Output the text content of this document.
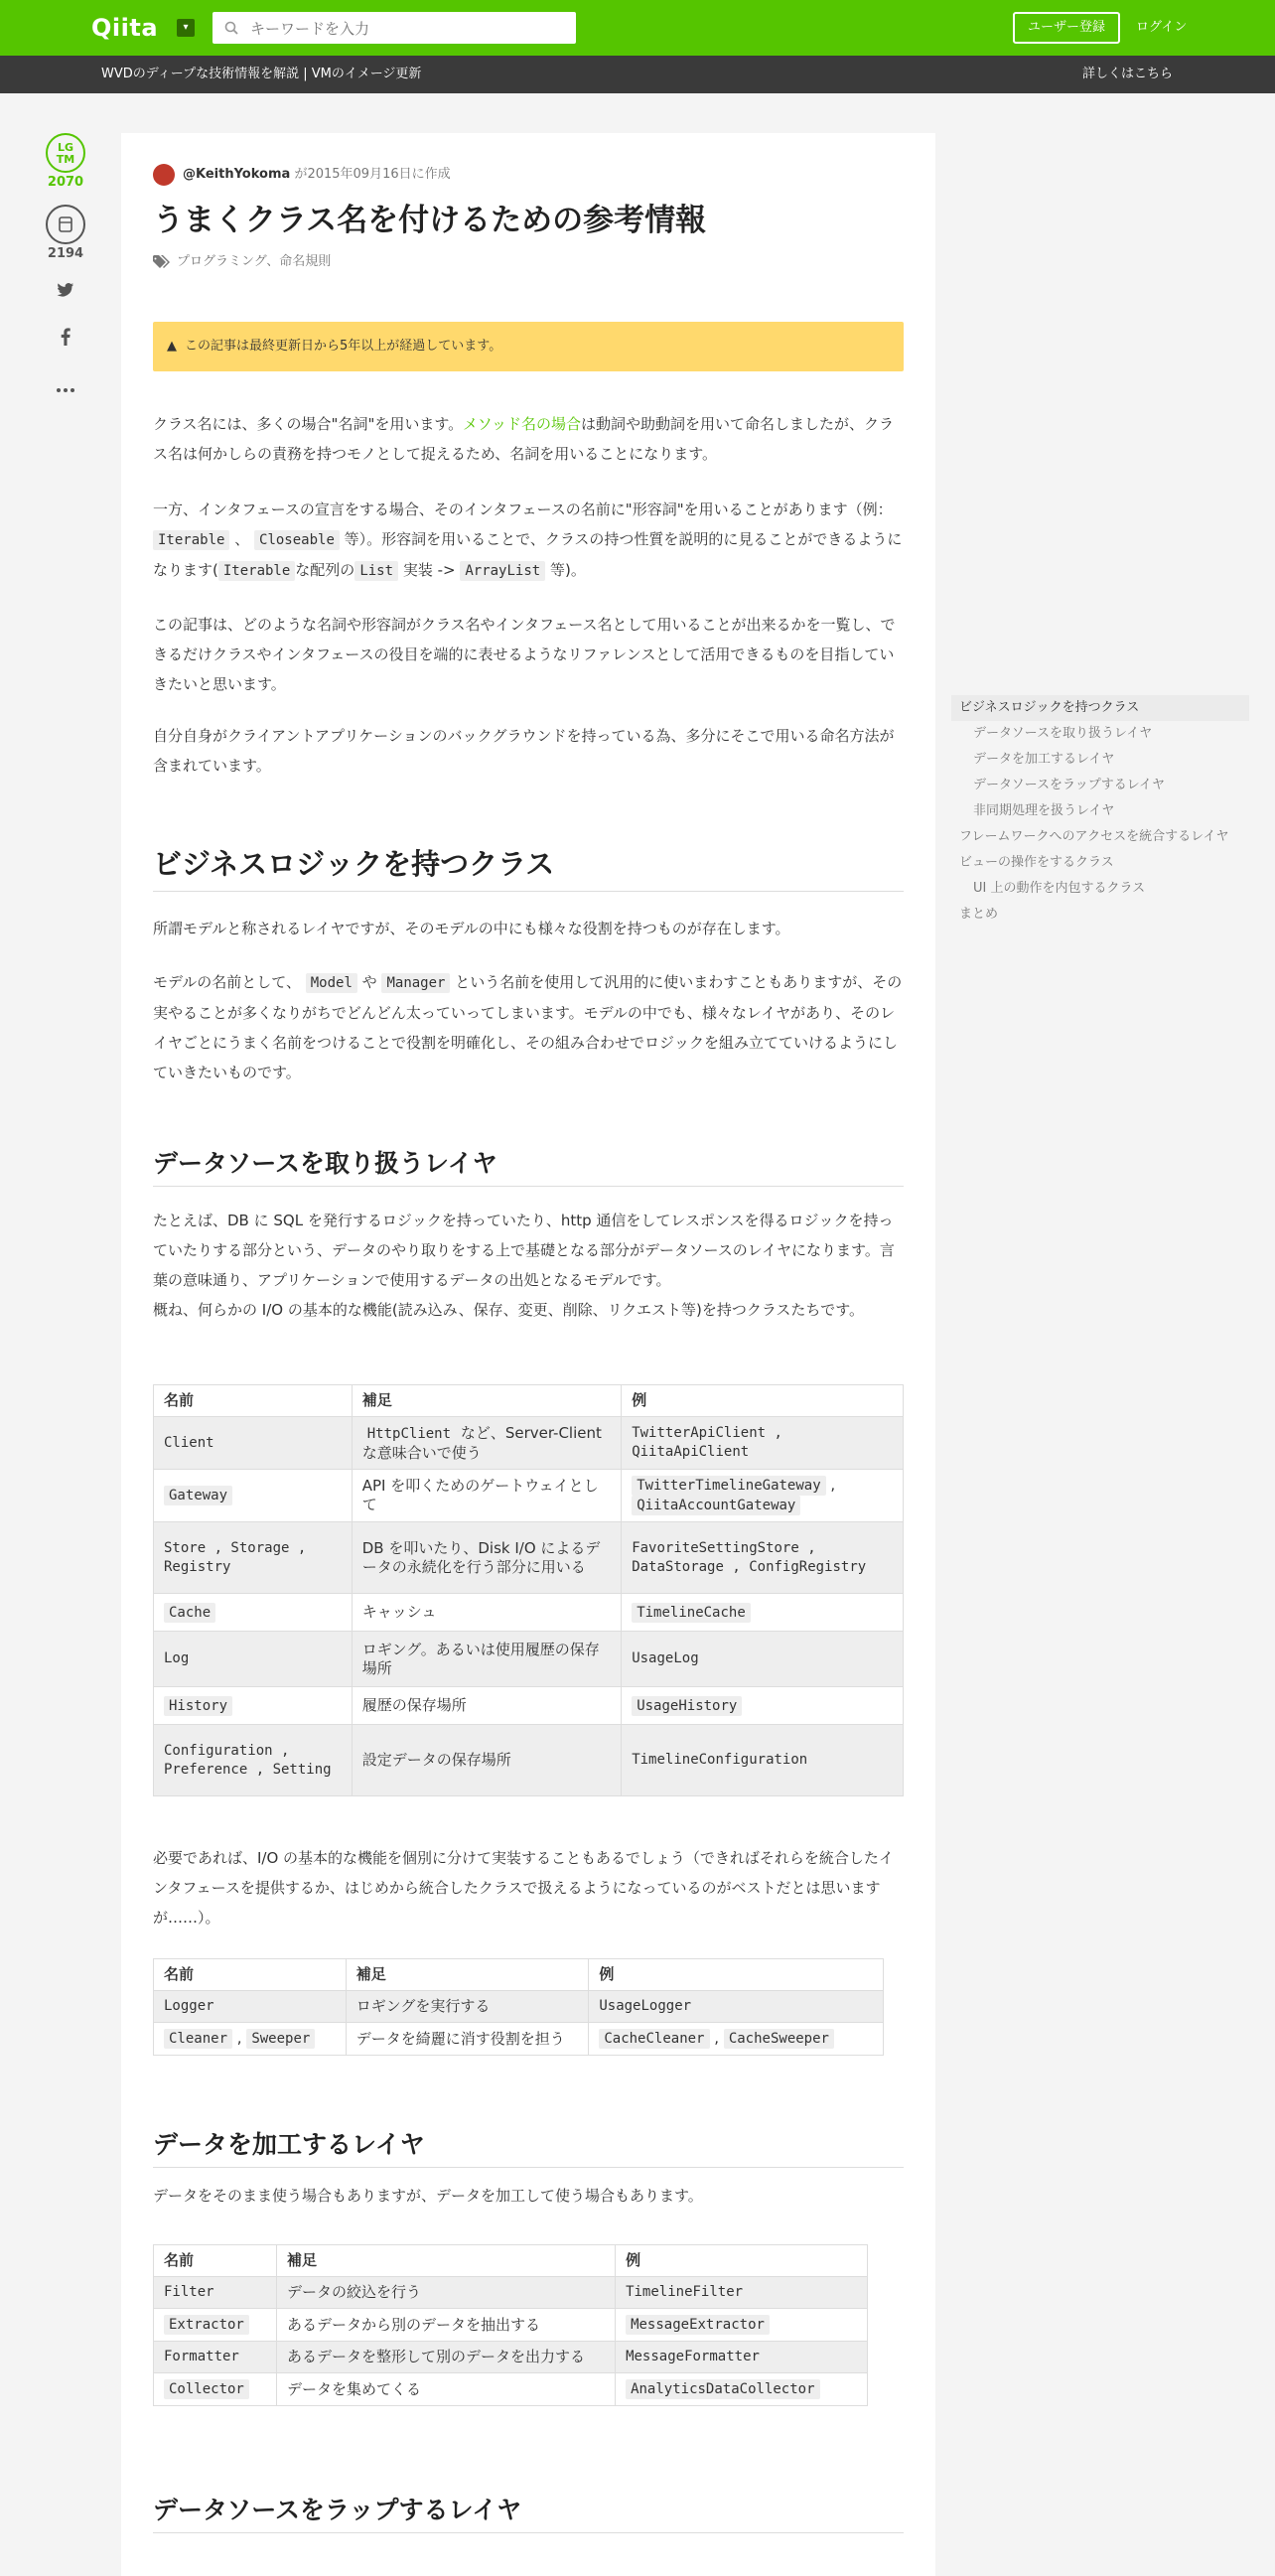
Qiita	▾
キーワードを入力	ユーザー登録	ログイン
WVDのディープな技術情報を解説 | VMのイメージ更新	詳しくはこちら
LG
TM
2070
2194
@KeithYokoma が2015年09月16日に作成
うまくクラス名を付けるための参考情報
プログラミング、命名規則
▲ この記事は最終更新日から5年以上が経過しています。

クラス名には、多くの場合"名詞"を用います。メソッド名の場合は動詞や助動詞を用いて命名しましたが、クラス名は何かしらの責務を持つモノとして捉えるため、名詞を用いることになります。

一方、インタフェースの宣言をする場合、そのインタフェースの名前に"形容詞"を用いることがあります（例： Iterable 、 Closeable 等）。形容詞を用いることで、クラスの持つ性質を説明的に見ることができるようになります( Iterable な配列の List 実装 -> ArrayList 等)。

この記事は、どのような名詞や形容詞がクラス名やインタフェース名として用いることが出来るかを一覧し、できるだけクラスやインタフェースの役目を端的に表せるようなリファレンスとして活用できるものを目指していきたいと思います。

自分自身がクライアントアプリケーションのバックグラウンドを持っている為、多分にそこで用いる命名方法が含まれています。

ビジネスロジックを持つクラス

所謂モデルと称されるレイヤですが、そのモデルの中にも様々な役割を持つものが存在します。

モデルの名前として、 Model や Manager という名前を使用して汎用的に使いまわすこともありますが、その実やることが多くなりがちでどんどん太っていってしまいます。モデルの中でも、様々なレイヤがあり、そのレイヤごとにうまく名前をつけることで役割を明確化し、その組み合わせでロジックを組み立てていけるようにしていきたいものです。

データソースを取り扱うレイヤ

たとえば、DB に SQL を発行するロジックを持っていたり、http 通信をしてレスポンスを得るロジックを持っていたりする部分という、データのやり取りをする上で基礎となる部分がデータソースのレイヤになります。言葉の意味通り、アプリケーションで使用するデータの出処となるモデルです。
概ね、何らかの I/O の基本的な機能(読み込み、保存、変更、削除、リクエスト等)を持つクラスたちです。

名前	補足	例
Client	HttpClient など、Server-Client な意味合いで使う	TwitterApiClient , QiitaApiClient
Gateway	API を叩くためのゲートウェイとして	TwitterTimelineGateway , QiitaAccountGateway
Store , Storage , Registry	DB を叩いたり、Disk I/O によるデータの永続化を行う部分に用いる	FavoriteSettingStore , DataStorage , ConfigRegistry
Cache	キャッシュ	TimelineCache
Log	ロギング。あるいは使用履歴の保存場所	UsageLog
History	履歴の保存場所	UsageHistory
Configuration , Preference , Setting	設定データの保存場所	TimelineConfiguration

必要であれば、I/O の基本的な機能を個別に分けて実装することもあるでしょう（できればそれらを統合したインタフェースを提供するか、はじめから統合したクラスで扱えるようになっているのがベストだとは思いますが……）。

名前	補足	例
Logger	ロギングを実行する	UsageLogger
Cleaner , Sweeper	データを綺麗に消す役割を担う	CacheCleaner , CacheSweeper
データを加工するレイヤ

データをそのまま使う場合もありますが、データを加工して使う場合もあります。

名前	補足	例
Filter	データの絞込を行う	TimelineFilter
Extractor	あるデータから別のデータを抽出する	MessageExtractor
Formatter	あるデータを整形して別のデータを出力する	MessageFormatter
Collector	データを集めてくる	AnalyticsDataCollector
データソースをラップするレイヤ
ビジネスロジックを持つクラス
データソースを取り扱うレイヤ
データを加工するレイヤ
データソースをラップするレイヤ
非同期処理を扱うレイヤ
フレームワークへのアクセスを統合するレイヤ
ビューの操作をするクラス
UI 上の動作を内包するクラス
まとめ
